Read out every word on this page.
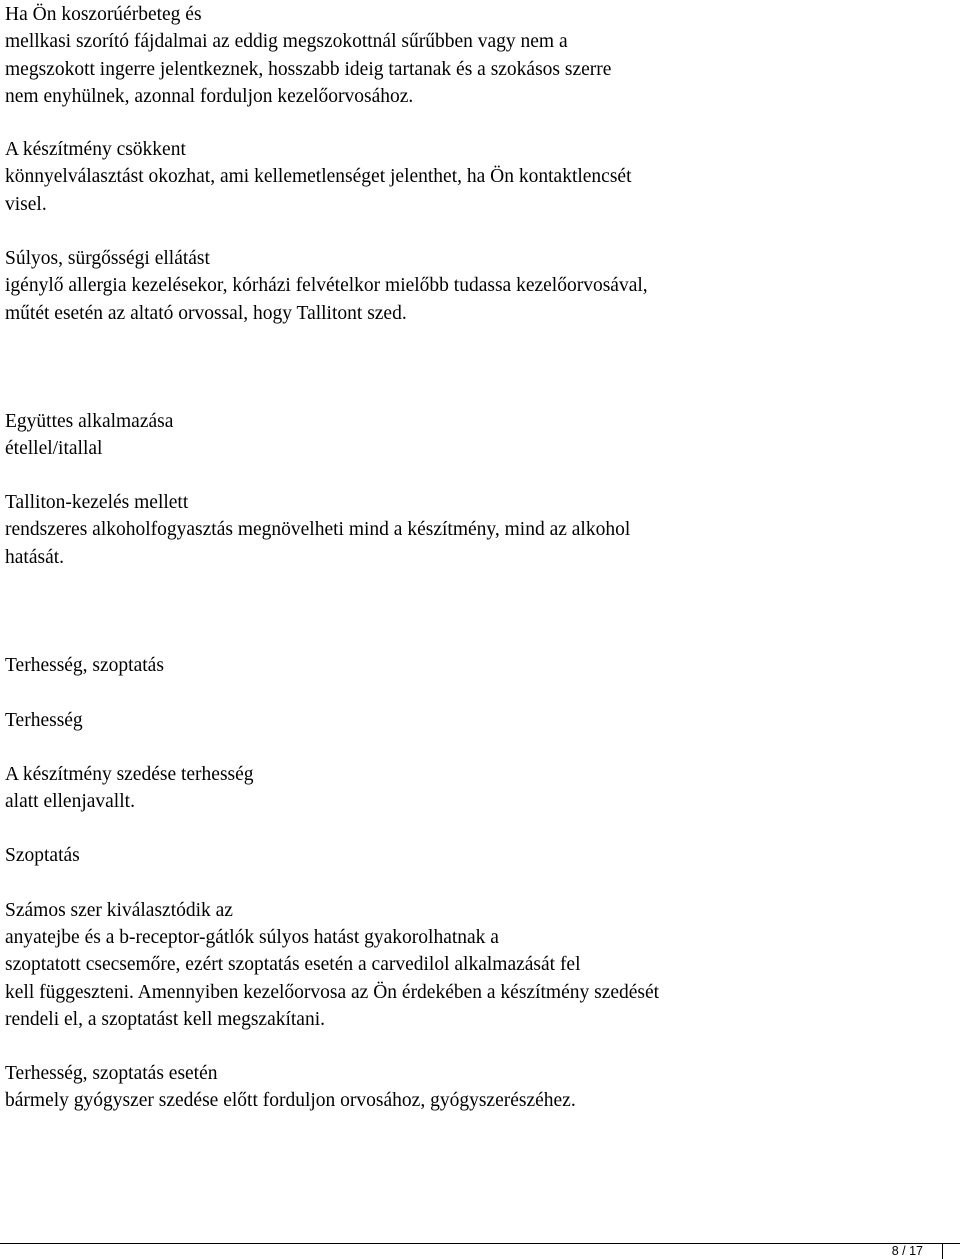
Ha Ön koszorúérbeteg és

mellkasi szorító fájdalmai az eddig megszokottnál sűrűbben vagy nem a

megszokott ingerre jelentkeznek, hosszabb ideig tartanak és a szokásos szerre

nem enyhülnek, azonnal forduljon kezelőorvosához.

A készítmény csökkent

könnyelválasztást okozhat, ami kellemetlenséget jelenthet, ha Ön kontaktlencsét

visel.

Súlyos, sürgősségi ellátást

igénylő allergia kezelésekor, kórházi felvételkor mielőbb tudassa kezelőorvosával,

műtét esetén az altató orvossal, hogy Tallitont szed.

Együttes alkalmazása

étellel/itallal

Talliton-kezelés mellett

rendszeres alkoholfogyasztás megnövelheti mind a készítmény, mind az alkohol

hatását.

Terhesség, szoptatás

Terhesség

A készítmény szedése terhesség

alatt ellenjavallt.

Szoptatás

Számos szer kiválasztódik az

anyatejbe és a b-receptor-gátlók súlyos hatást gyakorolhatnak a

szoptatott csecsemőre, ezért szoptatás esetén a carvedilol alkalmazását fel

kell függeszteni. Amennyiben kezelőorvosa az Ön érdekében a készítmény szedését

rendeli el, a szoptatást kell megszakítani.

Terhesség, szoptatás esetén

bármely gyógyszer szedése előtt forduljon orvosához, gyógyszerészéhez.

8 / 17
